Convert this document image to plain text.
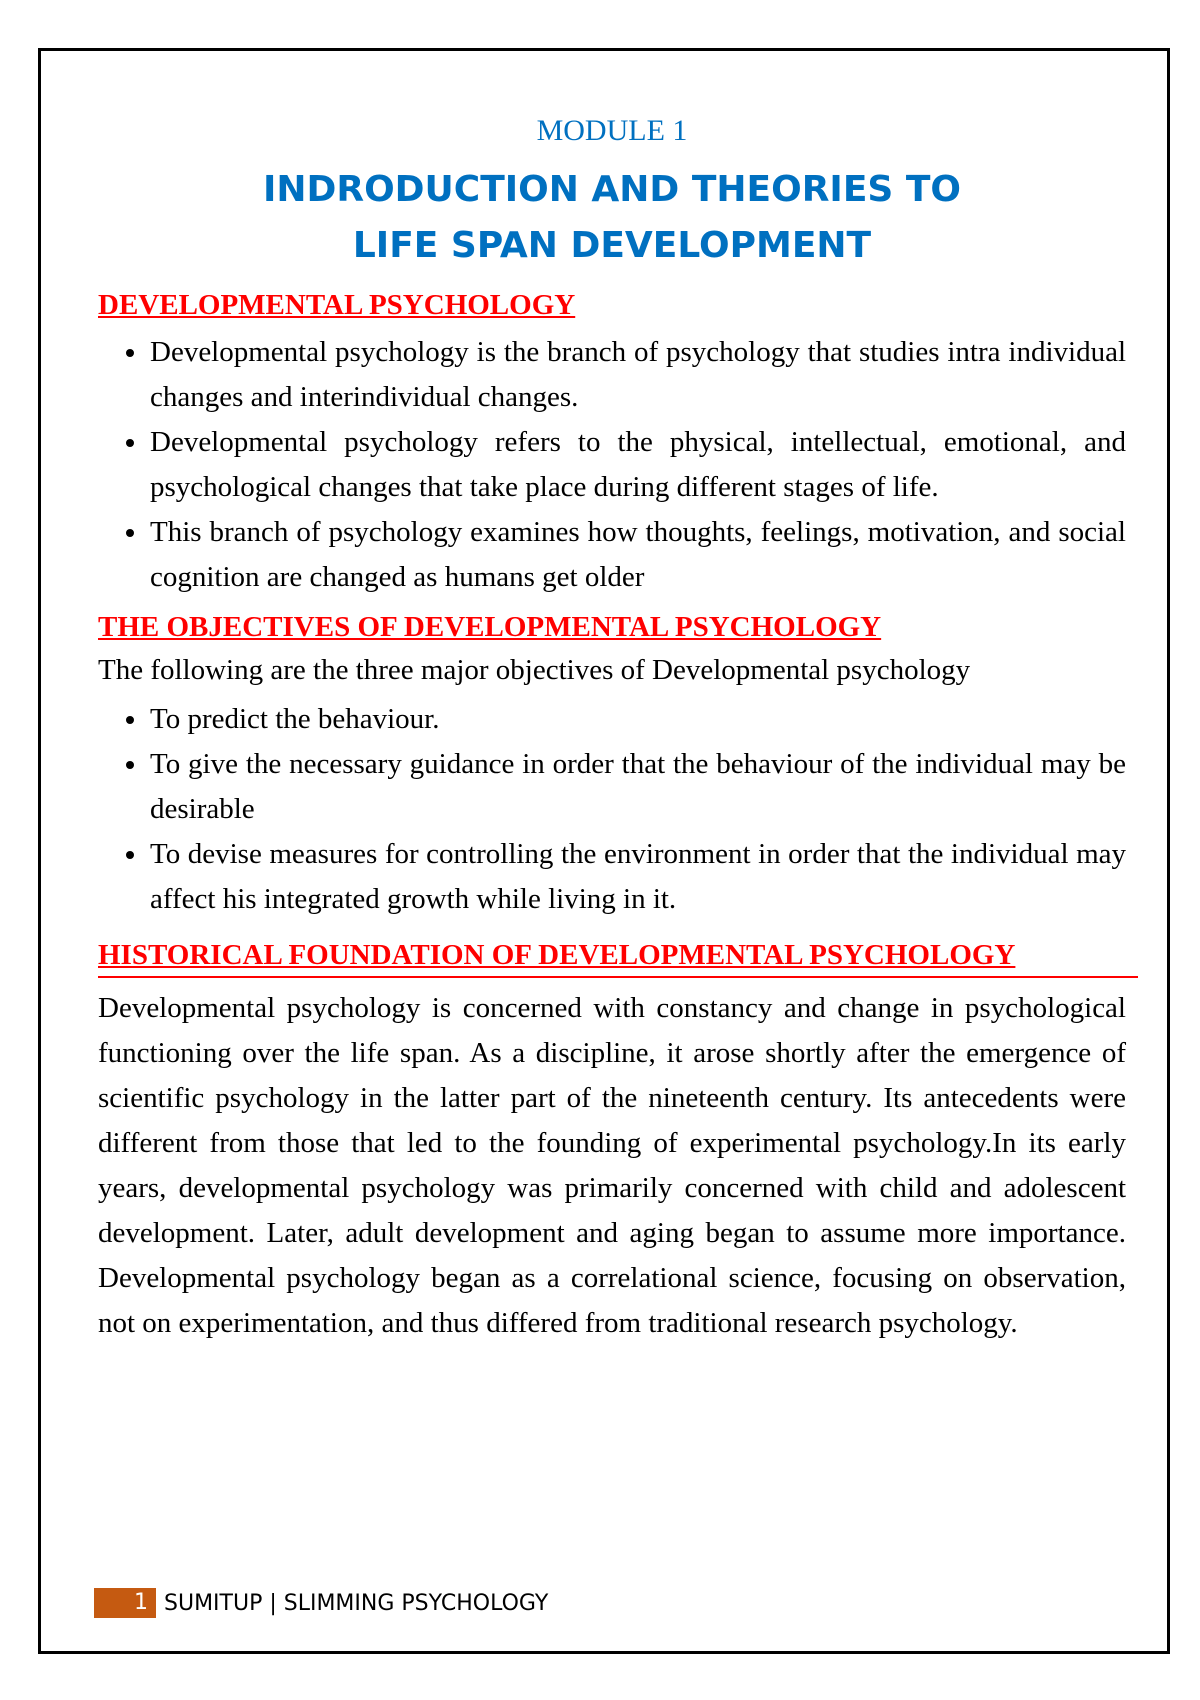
MODULE 1
INDRODUCTION AND THEORIES TO
LIFE SPAN DEVELOPMENT
DEVELOPMENTAL PSYCHOLOGY
Developmental psychology is the branch of psychology that studies intra individual changes and interindividual changes.
Developmental psychology refers to the physical, intellectual, emotional, and psychological changes that take place during different stages of life.
This branch of psychology examines how thoughts, feelings, motivation, and social cognition are changed as humans get older
THE OBJECTIVES OF DEVELOPMENTAL PSYCHOLOGY

The following are the three major objectives of Developmental psychology

To predict the behaviour.
To give the necessary guidance in order that the behaviour of the individual may be desirable
To devise measures for controlling the environment in order that the individual may affect his integrated growth while living in it.
HISTORICAL FOUNDATION OF DEVELOPMENTAL PSYCHOLOGY

Developmental psychology is concerned with constancy and change in psychological functioning over the life span. As a discipline, it arose shortly after the emergence of scientific psychology in the latter part of the nineteenth century. Its antecedents were different from those that led to the founding of experimental psychology.In its early years, developmental psychology was primarily concerned with child and adolescent development. Later, adult development and aging began to assume more importance. Developmental psychology began as a correlational science, focusing on observation, not on experimentation, and thus differed from traditional research psychology.

1 SUMITUP | SLIMMING PSYCHOLOGY
